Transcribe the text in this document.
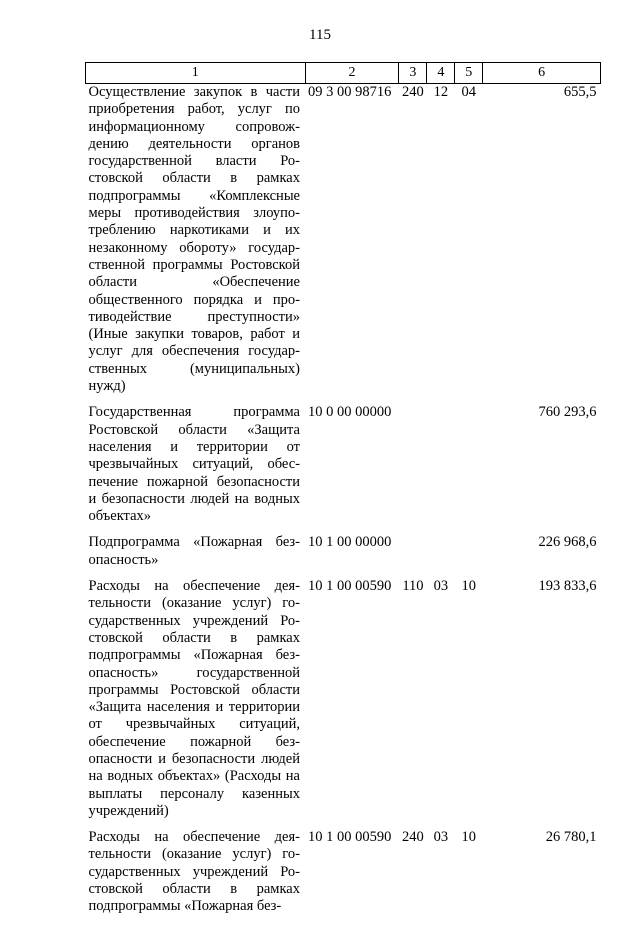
115
1	2	3	4	5	6
Осуществление закупок в части приобретения работ, услуг по информационному сопровождению деятельности органов государственной власти Ростовской области в рамках подпрограммы «Комплексные меры противодействия злоупотреблению наркотиками и их незаконному обороту» государственной программы Ростовской области «Обеспечение общественного порядка и противодействие преступности» (Иные закупки товаров, работ и услуг для обеспечения государственных (муниципальных) нужд)	09 3 00 98716	240	12	04	655,5
Государственная программа Ростовской области «Защита населения и территории от чрезвычайных ситуаций, обеспечение пожарной безопасности и безопасности людей на водных объектах»	10 0 00 00000				760 293,6
Подпрограмма «Пожарная безопасность»	10 1 00 00000				226 968,6
Расходы на обеспечение деятельности (оказание услуг) государственных учреждений Ростовской области в рамках подпрограммы «Пожарная безопасность» государственной программы Ростовской области «Защита населения и территории от чрезвычайных ситуаций, обеспечение пожарной безопасности и безопасности людей на водных объектах» (Расходы на выплаты персоналу казенных учреждений)	10 1 00 00590	110	03	10	193 833,6
Расходы на обеспечение деятельности (оказание услуг) государственных учреждений Ростовской области в рамках подпрограммы «Пожарная без-	10 1 00 00590	240	03	10	26 780,1
